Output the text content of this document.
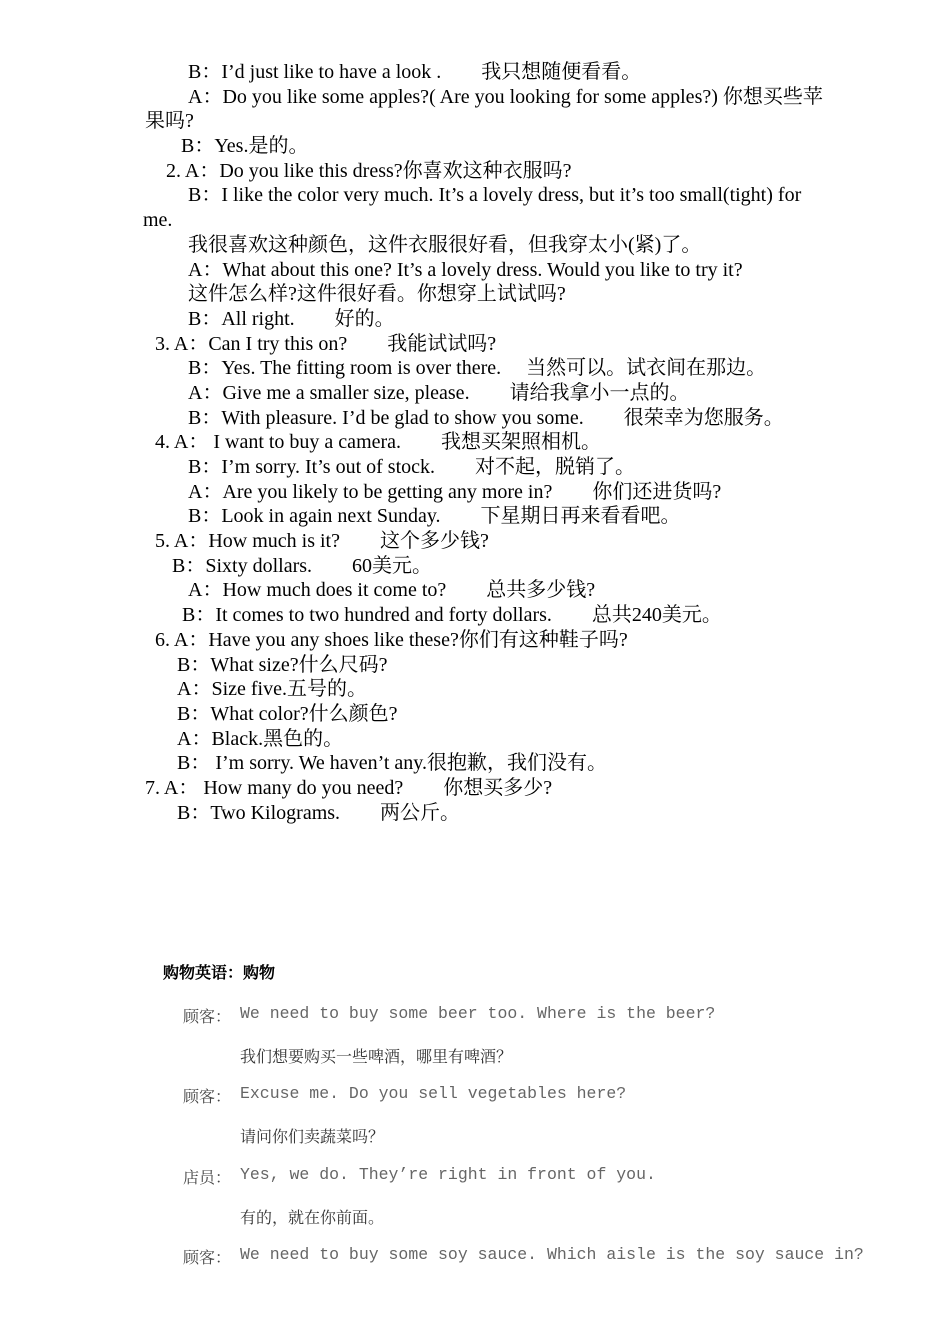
B：I’d just like to have a look .        我只想随便看看。
A：Do you like some apples?( Are you looking for some apples?) 你想买些苹
果吗?
B：Yes.是的。
2. A：Do you like this dress?你喜欢这种衣服吗?
B：I like the color very much. It’s a lovely dress, but it’s too small(tight) for
me.
我很喜欢这种颜色，这件衣服很好看，但我穿太小(紧)了。
A：What about this one? It’s a lovely dress. Would you like to try it?
这件怎么样?这件很好看。你想穿上试试吗?
B：All right.        好的。
3. A：Can I try this on?        我能试试吗?
B：Yes. The fitting room is over there.     当然可以。试衣间在那边。
A：Give me a smaller size, please.        请给我拿小一点的。
B：With pleasure. I’d be glad to show you some.        很荣幸为您服务。
4. A： I want to buy a camera.        我想买架照相机。
B：I’m sorry. It’s out of stock.        对不起，脱销了。
A：Are you likely to be getting any more in?        你们还进货吗?
B：Look in again next Sunday.        下星期日再来看看吧。
5. A：How much is it?        这个多少钱?
B：Sixty dollars.        60美元。
A：How much does it come to?        总共多少钱?
B：It comes to two hundred and forty dollars.        总共240美元。
6. A：Have you any shoes like these?你们有这种鞋子吗?
B：What size?什么尺码?
A：Size five.五号的。
B：What color?什么颜色?
A：Black.黑色的。
B： I’m sorry. We haven’t any.很抱歉，我们没有。
7. A： How many do you need?        你想买多少?
B：Two Kilograms.        两公斤。
购物英语：购物
顾客： We need to buy some beer too. Where is the beer?
我们想要购买一些啤酒，哪里有啤酒？
顾客： Excuse me. Do you sell vegetables here?
请问你们卖蔬菜吗？
店员： Yes, we do. They’re right in front of you.
有的，就在你前面。
顾客： We need to buy some soy sauce. Which aisle is the soy sauce in?
